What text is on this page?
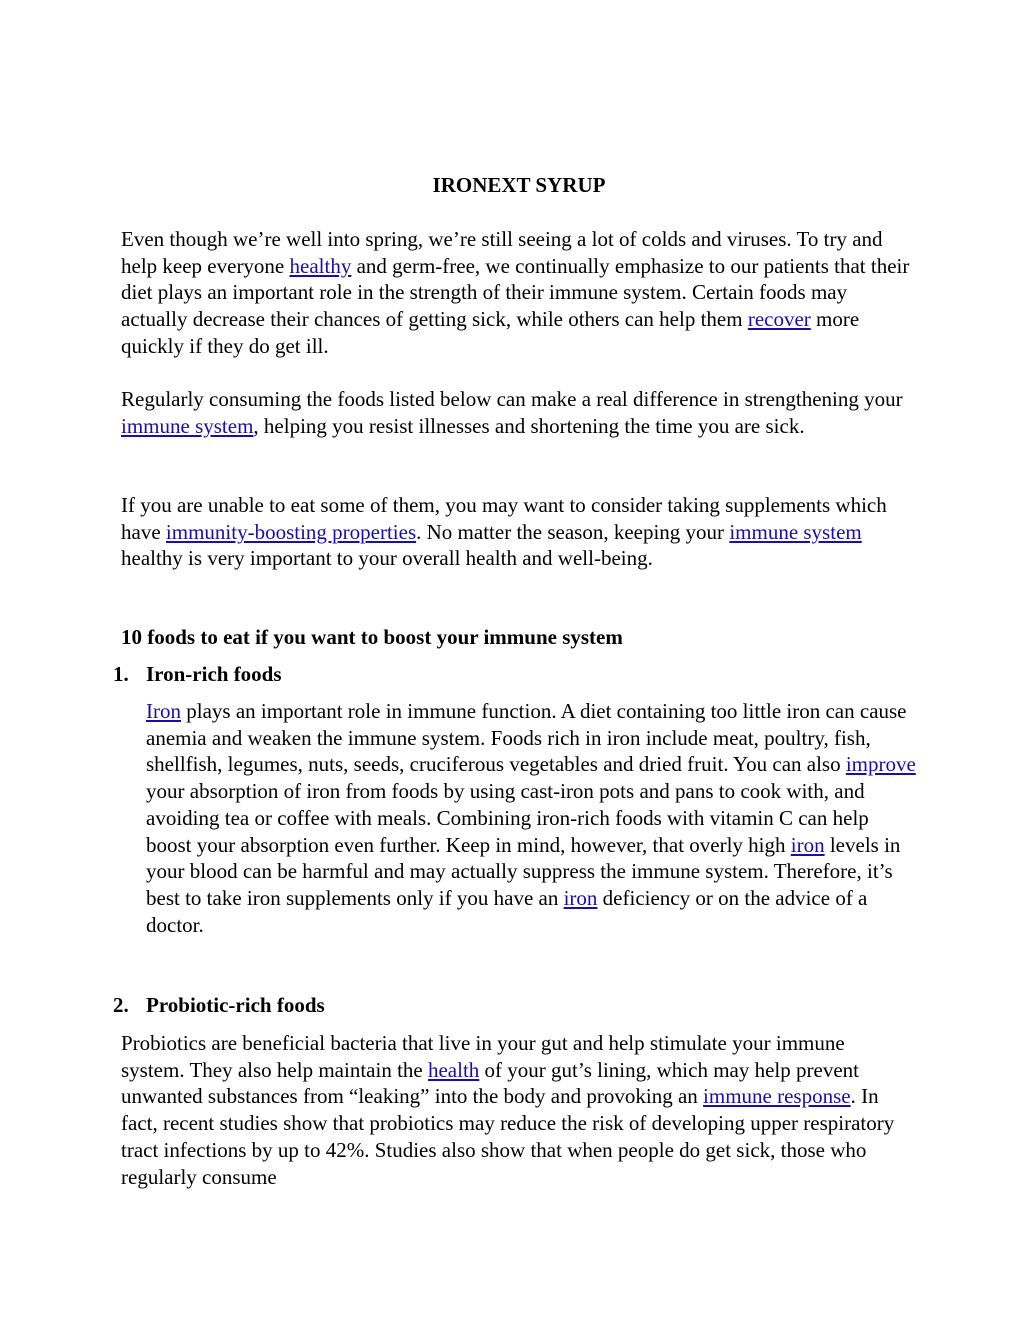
IRONEXT SYRUP

Even though we’re well into spring, we’re still seeing a lot of colds and viruses. To try and help keep everyone healthy and germ-free, we continually emphasize to our patients that their diet plays an important role in the strength of their immune system. Certain foods may actually decrease their chances of getting sick, while others can help them recover more quickly if they do get ill.

Regularly consuming the foods listed below can make a real difference in strengthening your immune system, helping you resist illnesses and shortening the time you are sick.

If you are unable to eat some of them, you may want to consider taking supplements which have immunity-boosting properties. No matter the season, keeping your immune system healthy is very important to your overall health and well-being.

10 foods to eat if you want to boost your immune system
1. Iron-rich foods

Iron plays an important role in immune function. A diet containing too little iron can cause anemia and weaken the immune system. Foods rich in iron include meat, poultry, fish, shellfish, legumes, nuts, seeds, cruciferous vegetables and dried fruit. You can also improve your absorption of iron from foods by using cast-iron pots and pans to cook with, and avoiding tea or coffee with meals. Combining iron-rich foods with vitamin C can help boost your absorption even further. Keep in mind, however, that overly high iron levels in your blood can be harmful and may actually suppress the immune system. Therefore, it’s best to take iron supplements only if you have an iron deficiency or on the advice of a doctor.

2. Probiotic-rich foods

Probiotics are beneficial bacteria that live in your gut and help stimulate your immune system. They also help maintain the health of your gut’s lining, which may help prevent unwanted substances from “leaking” into the body and provoking an immune response. In fact, recent studies show that probiotics may reduce the risk of developing upper respiratory tract infections by up to 42%. Studies also show that when people do get sick, those who regularly consume
